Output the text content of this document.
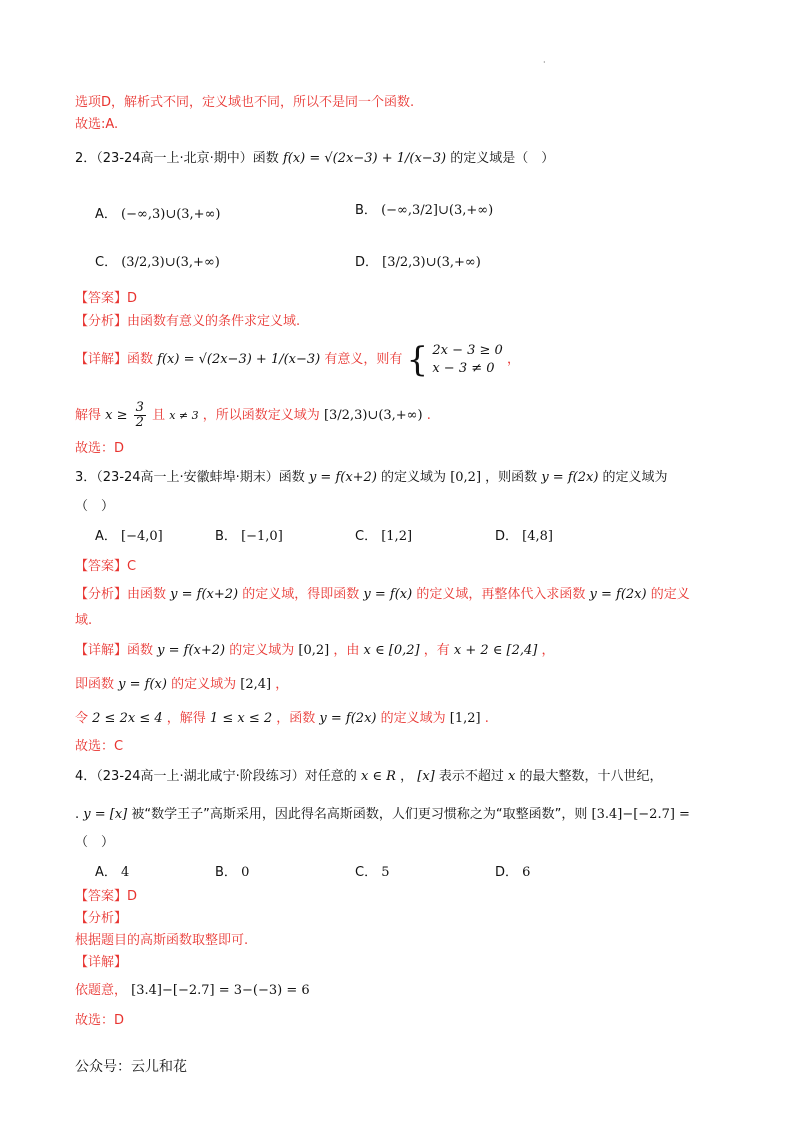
·
选项D，解析式不同，定义域也不同，所以不是同一个函数.
故选:A.
2．（23-24高一上·北京·期中）函数 f(x) = √(2x−3) + 1/(x−3) 的定义域是（　）
A． (−∞,3)∪(3,+∞)	B． (−∞,3/2]∪(3,+∞)
C． (3/2,3)∪(3,+∞)	D． [3/2,3)∪(3,+∞)
【答案】D
【分析】由函数有意义的条件求定义域.
【详解】函数 f(x) = √(2x−3) + 1/(x−3) 有意义，则有 { 2x − 3 ≥ 0
x − 3 ≠ 0
，
解得 $x \ge \frac{3}{2}$ 且 x ≠ 3 ，所以函数定义域为 [3/2,3)∪(3,+∞) .
故选：D
3．（23-24高一上·安徽蚌埠·期末）函数 y = f(x+2) 的定义域为 [0,2] ，则函数 y = f(2x) 的定义域为
（　）
A． [−4,0]	B． [−1,0]	C． [1,2]	D． [4,8]
【答案】C
【分析】由函数 y = f(x+2) 的定义域，得即函数 y = f(x) 的定义域，再整体代入求函数 y = f(2x) 的定义
域.
【详解】函数 y = f(x+2) 的定义域为 [0,2] ，由 x ∈ [0,2] ，有 x + 2 ∈ [2,4] ，
即函数 y = f(x) 的定义域为 [2,4] ，
令 2 ≤ 2x ≤ 4 ，解得 1 ≤ x ≤ 2 ，函数 y = f(2x) 的定义域为 [1,2] .
故选：C
4．（23-24高一上·湖北咸宁·阶段练习）对任意的 x ∈ R ， [x] 表示不超过 x 的最大整数，十八世纪，
. y = [x] 被“数学王子”高斯采用，因此得名高斯函数，人们更习惯称之为“取整函数”，则 [3.4]−[−2.7] =
（　）
A． 4	B． 0	C． 5	D． 6
【答案】D
【分析】
根据题目的高斯函数取整即可.
【详解】
依题意， [3.4]−[−2.7] = 3−(−3) = 6
故选：D
公众号：云儿和花
